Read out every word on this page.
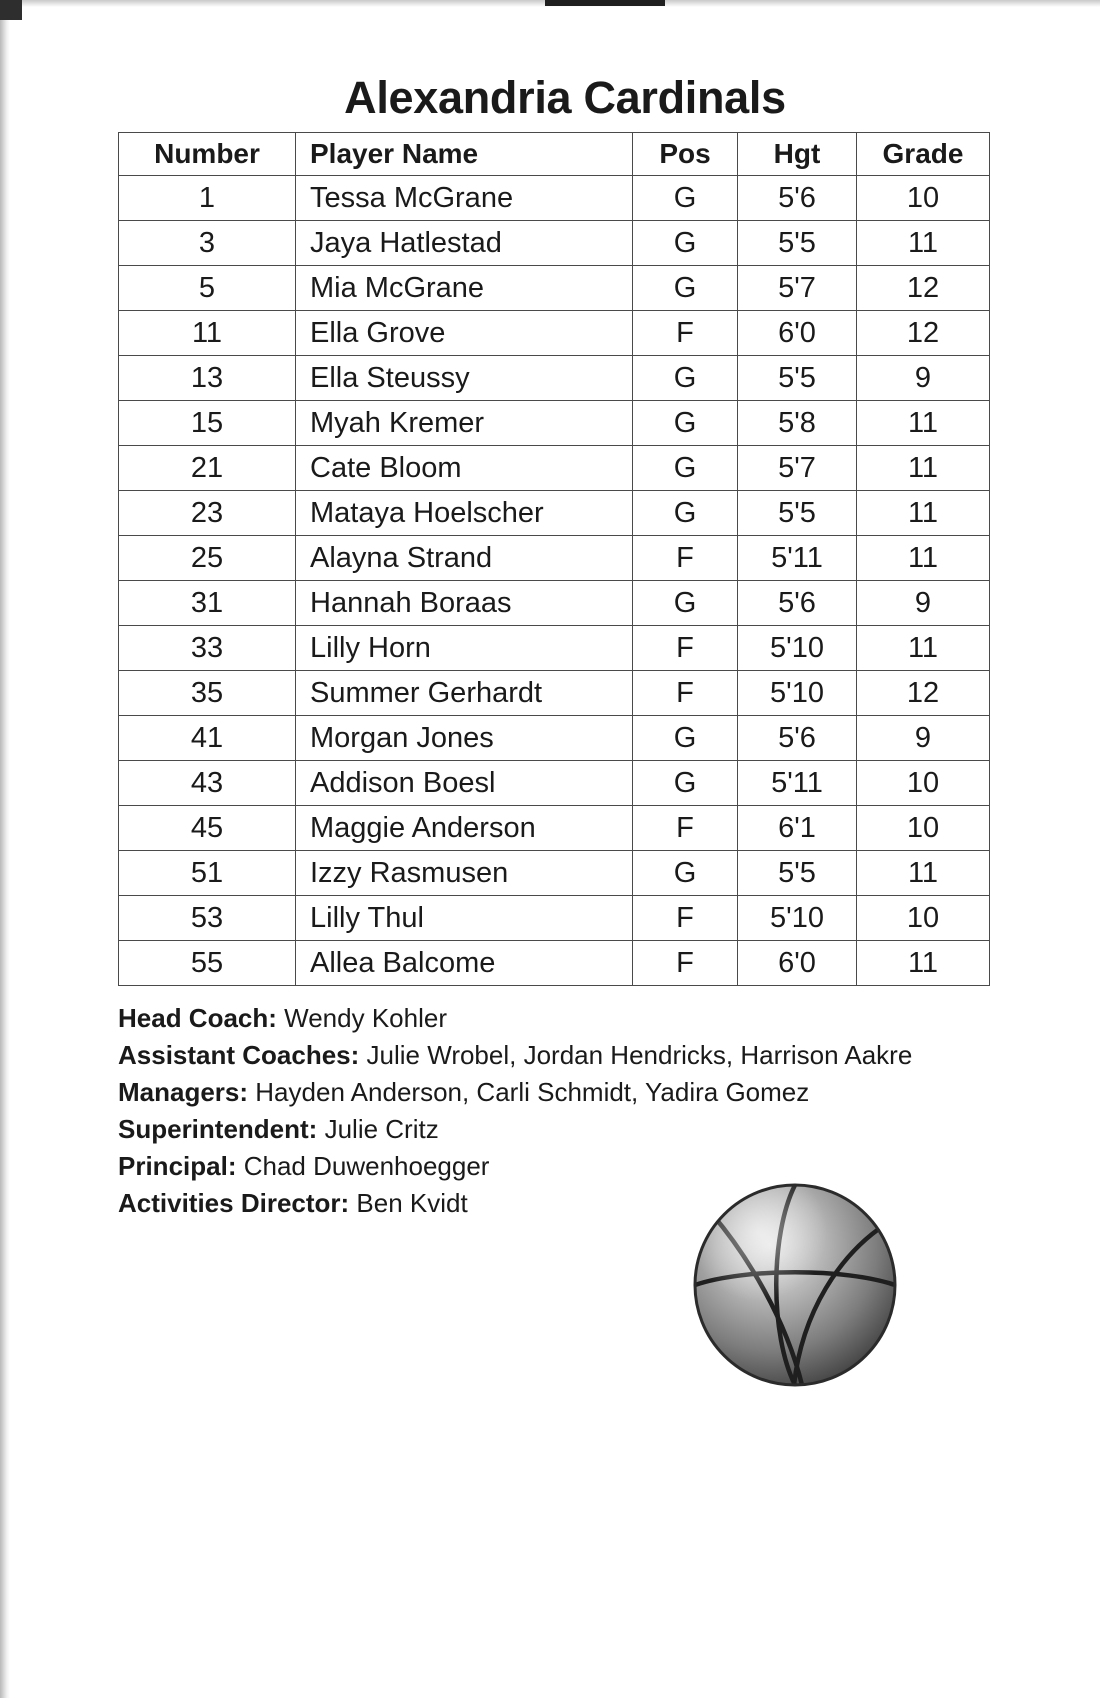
Alexandria Cardinals
Number	Player Name	Pos	Hgt	Grade
1	Tessa McGrane	G	5'6	10
3	Jaya Hatlestad	G	5'5	11
5	Mia McGrane	G	5'7	12
11	Ella Grove	F	6'0	12
13	Ella Steussy	G	5'5	9
15	Myah Kremer	G	5'8	11
21	Cate Bloom	G	5'7	11
23	Mataya Hoelscher	G	5'5	11
25	Alayna Strand	F	5'11	11
31	Hannah Boraas	G	5'6	9
33	Lilly Horn	F	5'10	11
35	Summer Gerhardt	F	5'10	12
41	Morgan Jones	G	5'6	9
43	Addison Boesl	G	5'11	10
45	Maggie Anderson	F	6'1	10
51	Izzy Rasmusen	G	5'5	11
53	Lilly Thul	F	5'10	10
55	Allea Balcome	F	6'0	11
Head Coach: Wendy Kohler
Assistant Coaches: Julie Wrobel, Jordan Hendricks, Harrison Aakre
Managers: Hayden Anderson, Carli Schmidt, Yadira Gomez
Superintendent: Julie Critz
Principal: Chad Duwenhoegger
Activities Director: Ben Kvidt
